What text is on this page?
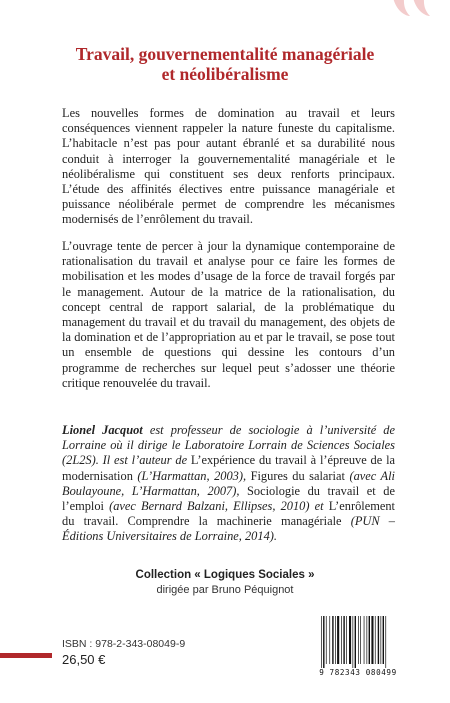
Travail, gouvernementalité managériale
et néolibéralisme
Les nouvelles formes de domination au travail et leurs conséquences viennent rappeler la nature funeste du capitalisme. L’habitacle n’est pas pour autant ébranlé et sa durabilité nous conduit à interroger la gouvernementalité managériale et le néolibéralisme qui constituent ses deux renforts principaux. L’étude des affinités électives entre puissance managériale et puissance néolibérale permet de comprendre les mécanismes modernisés de l’enrôlement du travail.
L’ouvrage tente de percer à jour la dynamique contemporaine de rationalisation du travail et analyse pour ce faire les formes de mobilisation et les modes d’usage de la force de travail forgés par le management. Autour de la matrice de la rationalisation, du concept central de rapport salarial, de la problématique du management du travail et du travail du management, des objets de la domination et de l’appropriation au et par le travail, se pose tout un ensemble de questions qui dessine les contours d’un programme de recherches sur lequel peut s’adosser une théorie critique renouvelée du travail.
Lionel Jacquot est professeur de sociologie à l’université de Lorraine où il dirige le Laboratoire Lorrain de Sciences Sociales (2L2S). Il est l’auteur de L’expérience du travail à l’épreuve de la modernisation (L’Harmattan, 2003), Figures du salariat (avec Ali Boulayoune, L’Harmattan, 2007), Sociologie du travail et de l’emploi (avec Bernard Balzani, Ellipses, 2010) et L’enrôlement du travail. Comprendre la machinerie managériale (PUN – Éditions Universitaires de Lorraine, 2014).
Collection « Logiques Sociales »
dirigée par Bruno Péquignot
ISBN : 978-2-343-08049-9
26,50 €
9 782343 080499
